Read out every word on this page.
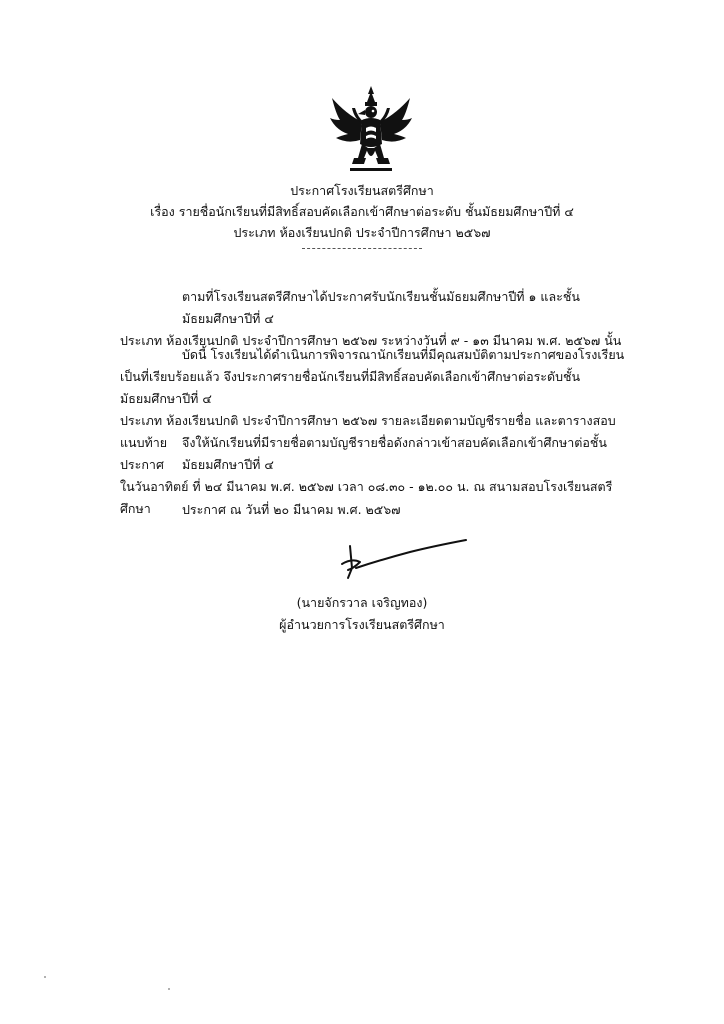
ประกาศโรงเรียนสตรีศึกษา
เรื่อง รายชื่อนักเรียนที่มีสิทธิ์สอบคัดเลือกเข้าศึกษาต่อระดับ ชั้นมัธยมศึกษาปีที่ ๔
ประเภท ห้องเรียนปกติ ประจำปีการศึกษา ๒๕๖๗
ตามที่โรงเรียนสตรีศึกษาได้ประกาศรับนักเรียนชั้นมัธยมศึกษาปีที่ ๑ และชั้นมัธยมศึกษาปีที่ ๔
ประเภท ห้องเรียนปกติ ประจำปีการศึกษา ๒๕๖๗ ระหว่างวันที่ ๙ - ๑๓ มีนาคม พ.ศ. ๒๕๖๗ นั้น
บัดนี้ โรงเรียนได้ดำเนินการพิจารณานักเรียนที่มีคุณสมบัติตามประกาศของโรงเรียน
เป็นที่เรียบร้อยแล้ว จึงประกาศรายชื่อนักเรียนที่มีสิทธิ์สอบคัดเลือกเข้าศึกษาต่อระดับชั้นมัธยมศึกษาปีที่ ๔
ประเภท ห้องเรียนปกติ ประจำปีการศึกษา ๒๕๖๗ รายละเอียดตามบัญชีรายชื่อ และตารางสอบแนบท้าย
ประกาศ
จึงให้นักเรียนที่มีรายชื่อตามบัญชีรายชื่อดังกล่าวเข้าสอบคัดเลือกเข้าศึกษาต่อชั้นมัธยมศึกษาปีที่ ๔
ในวันอาทิตย์ ที่ ๒๔ มีนาคม พ.ศ. ๒๕๖๗ เวลา ๐๘.๓๐ - ๑๒.๐๐ น. ณ สนามสอบโรงเรียนสตรีศึกษา	ประกาศ ณ วันที่ ๒๐ มีนาคม พ.ศ. ๒๕๖๗
(นายจักรวาล เจริญทอง)
ผู้อำนวยการโรงเรียนสตรีศึกษา
